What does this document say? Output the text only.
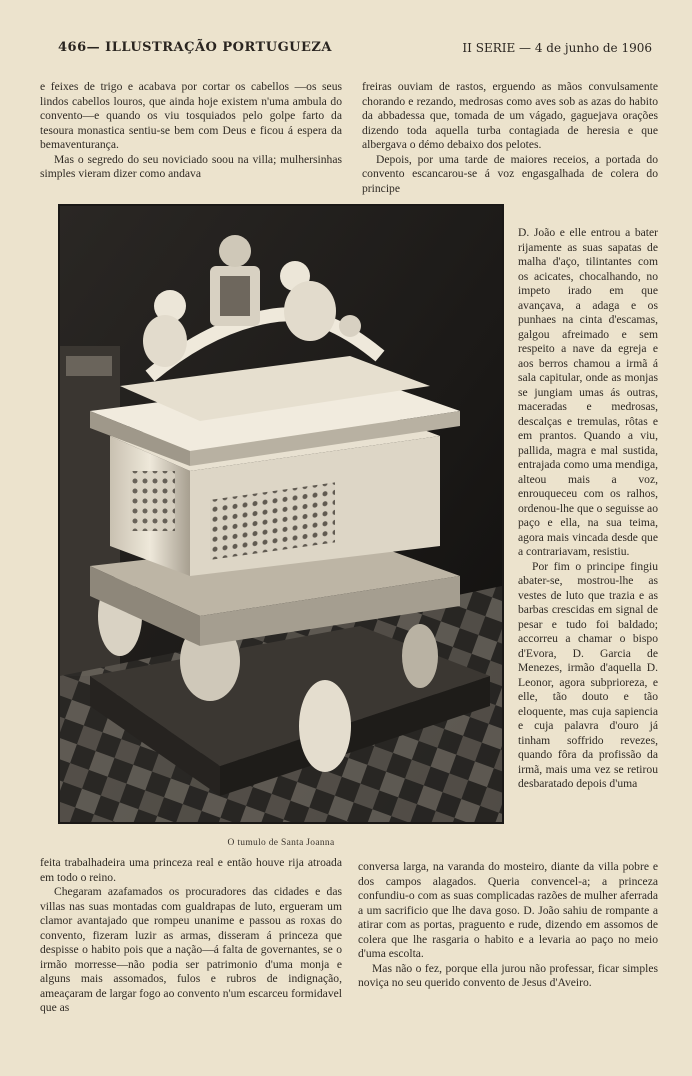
466— ILLUSTRAÇÃO PORTUGUEZA	II SERIE — 4 de junho de 1906

e feixes de trigo e acabava por cortar os cabellos —os seus lindos cabellos louros, que ainda hoje existem n'uma ambula do convento—e quando os viu tosquiados pelo golpe farto da tesoura monastica sentiu-se bem com Deus e ficou á espera da bemaventurança.

Mas o segredo do seu noviciado soou na villa; mulhersinhas simples vieram dizer como andava

freiras ouviam de rastos, erguendo as mãos convulsamente chorando e rezando, medrosas como aves sob as azas do habito da abbadessa que, tomada de um vágado, gaguejava orações dizendo toda aquella turba contagiada de heresia e que albergava o démo debaixo dos pelotes.

Depois, por uma tarde de maiores receios, a portada do convento escancarou-se á voz engasgalhada de colera do principe

O tumulo de Santa Joanna

D. João e elle entrou a bater rijamente as suas sapatas de malha d'aço, tilintantes com os acicates, chocalhando, no impeto irado em que avançava, a adaga e os punhaes na cinta d'escamas, galgou afreimado e sem respeito a nave da egreja e aos berros chamou a irmã á sala capitular, onde as monjas se jungiam umas ás outras, maceradas e medrosas, descalças e tremulas, rôtas e em prantos. Quando a viu, pallida, magra e mal sustida, entrajada como uma mendiga, alteou mais a voz, enrouqueceu com os ralhos, ordenou-lhe que o seguisse ao paço e ella, na sua teima, agora mais vincada desde que a contrariavam, resistiu.

Por fim o principe fingiu abater-se, mostrou-lhe as vestes de luto que trazia e as barbas crescidas em signal de pesar e tudo foi baldado; accorreu a chamar o bispo d'Evora, D. Garcia de Menezes, irmão d'aquella D. Leonor, agora subprioreza, e elle, tão douto e tão eloquente, mas cuja sapiencia e cuja palavra d'ouro já tinham soffrido revezes, quando fôra da profissão da irmã, mais uma vez se retirou desbaratado depois d'uma

feita trabalhadeira uma princeza real e então houve rija atroada em todo o reino.

Chegaram azafamados os procuradores das cidades e das villas nas suas montadas com gualdrapas de luto, ergueram um clamor avantajado que rompeu unanime e passou as roxas do convento, fizeram luzir as armas, disseram á princeza que despisse o habito pois que a nação—á falta de governantes, se o irmão morresse—não podia ser patrimonio d'uma monja e alguns mais assomados, fulos e rubros de indignação, ameaçaram de largar fogo ao convento n'um escarceu formidavel que as

conversa larga, na varanda do mosteiro, diante da villa pobre e dos campos alagados. Queria convencel-a; a princeza confundiu-o com as suas complicadas razões de mulher aferrada a um sacrificio que lhe dava goso. D. João sahiu de rompante a atirar com as portas, praguento e rude, dizendo em assomos de colera que lhe rasgaria o habito e a levaria ao paço no meio d'uma escolta.

Mas não o fez, porque ella jurou não professar, ficar simples noviça no seu querido convento de Jesus d'Aveiro.
